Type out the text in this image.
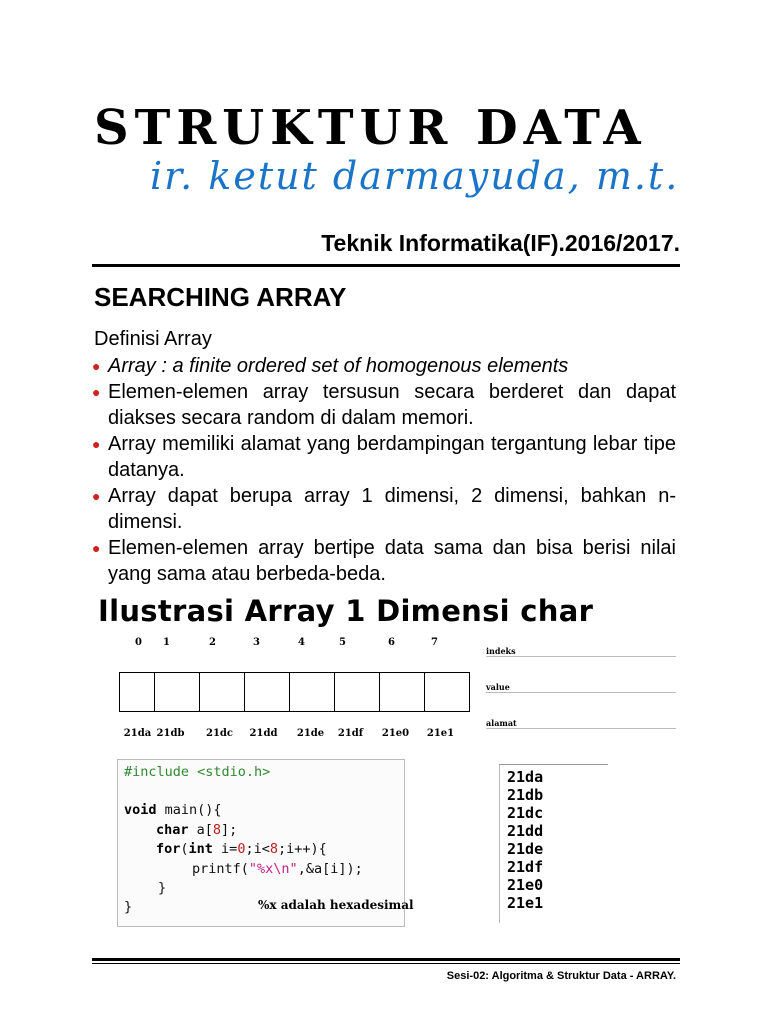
STRUKTUR DATA
ir. ketut darmayuda, m.t.
Teknik Informatika(IF).2016/2017.
SEARCHING ARRAY
Definisi Array
● Array : a finite ordered set of homogenous elements
● Elemen-elemen array tersusun secara berderet dan dapat diakses secara random di dalam memori.
● Array memiliki alamat yang berdampingan tergantung lebar tipe datanya.
● Array dapat berupa array 1 dimensi, 2 dimensi, bahkan n-dimensi.
● Elemen-elemen array bertipe data sama dan bisa berisi nilai yang sama atau berbeda-beda.
Ilustrasi Array 1 Dimensi char
0	1	2	3	4	5	6	7
21da 21db	21dc	21dd	21de	21df	21e0	21e1
indeks
value
alamat
#include <stdio.h>
void main(){
char a[8];
for(int i=0;i<8;i++){
printf("%x\n",&a[i]);
}
}	%x adalah hexadesimal
21da
21db
21dc
21dd
21de
21df
21e0
21e1
Sesi-02: Algoritma & Struktur Data - ARRAY.
